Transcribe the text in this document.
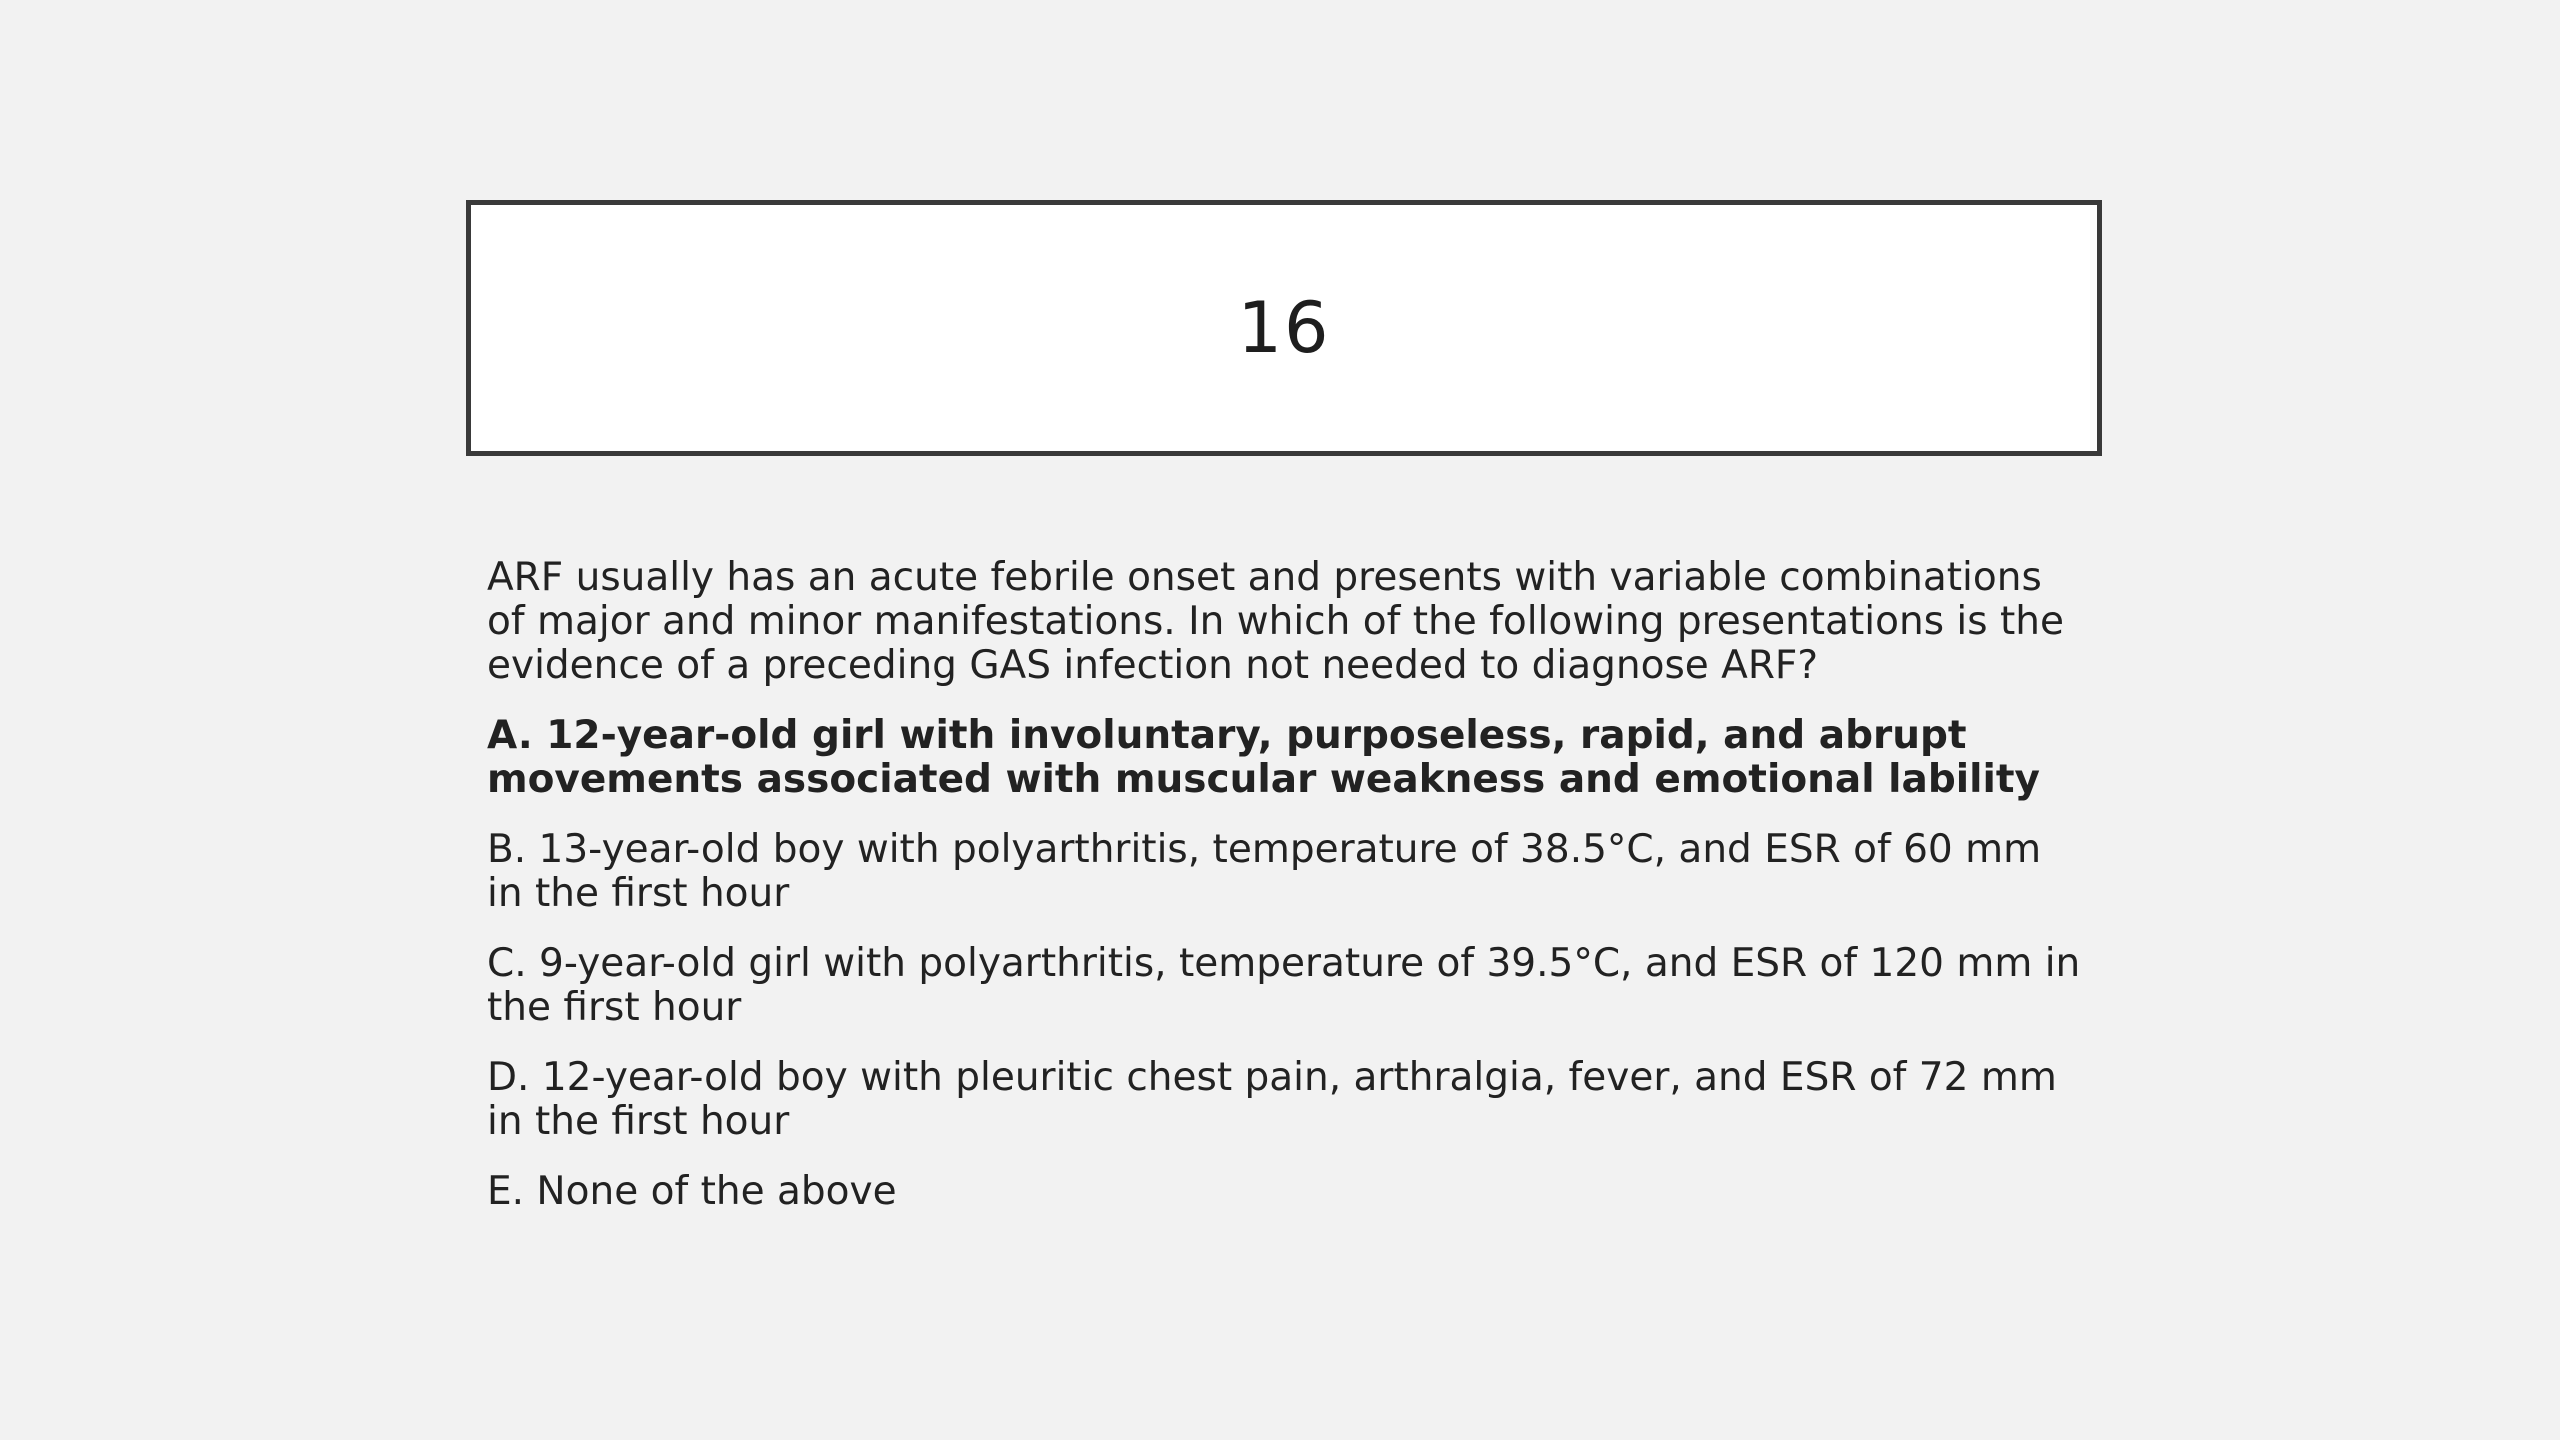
16

ARF usually has an acute febrile onset and presents with variable combinations of major and minor manifestations. In which of the following presentations is the evidence of a preceding GAS infection not needed to diagnose ARF?

A. 12-year-old girl with involuntary, purposeless, rapid, and abrupt movements associated with muscular weakness and emotional lability

B. 13-year-old boy with polyarthritis, temperature of 38.5°C, and ESR of 60 mm in the first hour

C. 9-year-old girl with polyarthritis, temperature of 39.5°C, and ESR of 120 mm in the first hour

D. 12-year-old boy with pleuritic chest pain, arthralgia, fever, and ESR of 72 mm in the first hour

E. None of the above
